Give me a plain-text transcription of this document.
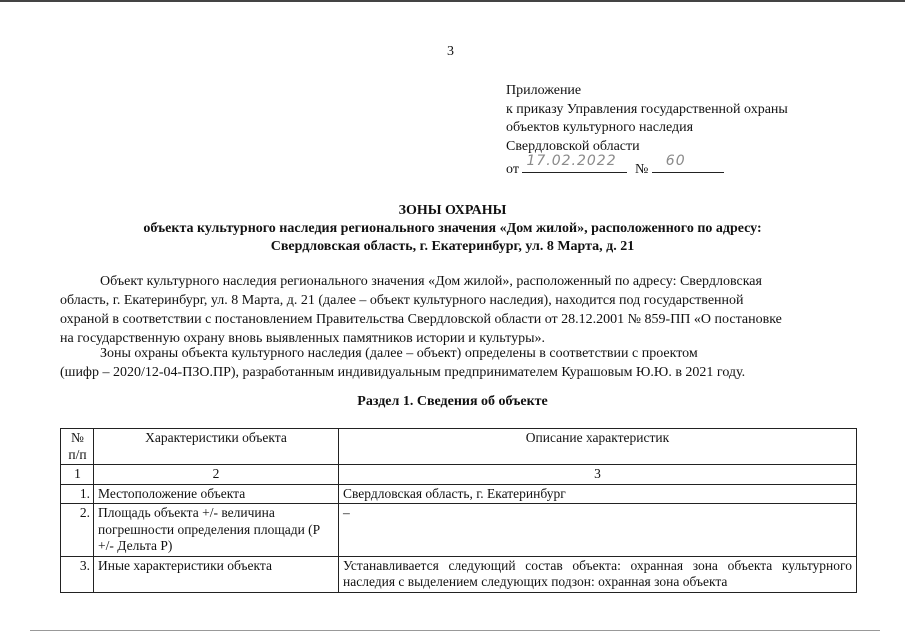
3
Приложение
к приказу Управления государственной охраны
объектов культурного наследия
Свердловской области
от
17.02.2022
№
60
ЗОНЫ ОХРАНЫ
объекта культурного наследия регионального значения «Дом жилой», расположенного по адресу:
Свердловская область, г. Екатеринбург, ул. 8 Марта, д. 21
Объект культурного наследия регионального значения «Дом жилой», расположенный по адресу: Свердловская
область, г. Екатеринбург, ул. 8 Марта, д. 21 (далее – объект культурного наследия), находится под государственной
охраной в соответствии с постановлением Правительства Свердловской области от 28.12.2001 № 859-ПП «О постановке
на государственную охрану вновь выявленных памятников истории и культуры».
Зоны охраны объекта культурного наследия (далее – объект) определены в соответствии с проектом
(шифр – 2020/12-04-ПЗО.ПР), разработанным индивидуальным предпринимателем Курашовым Ю.Ю. в 2021 году.
Раздел 1. Сведения об объекте
№ п/п	Характеристики объекта	Описание характеристик
1	2	3
1.	Местоположение объекта	Свердловская область, г. Екатеринбург
2.	Площадь объекта +/- величина погрешности определения площади (Р +/- Дельта Р)	–
3.	Иные характеристики объекта	Устанавливается следующий состав объекта: охранная зона объекта культурного наследия с выделением следующих подзон: охранная зона объекта
